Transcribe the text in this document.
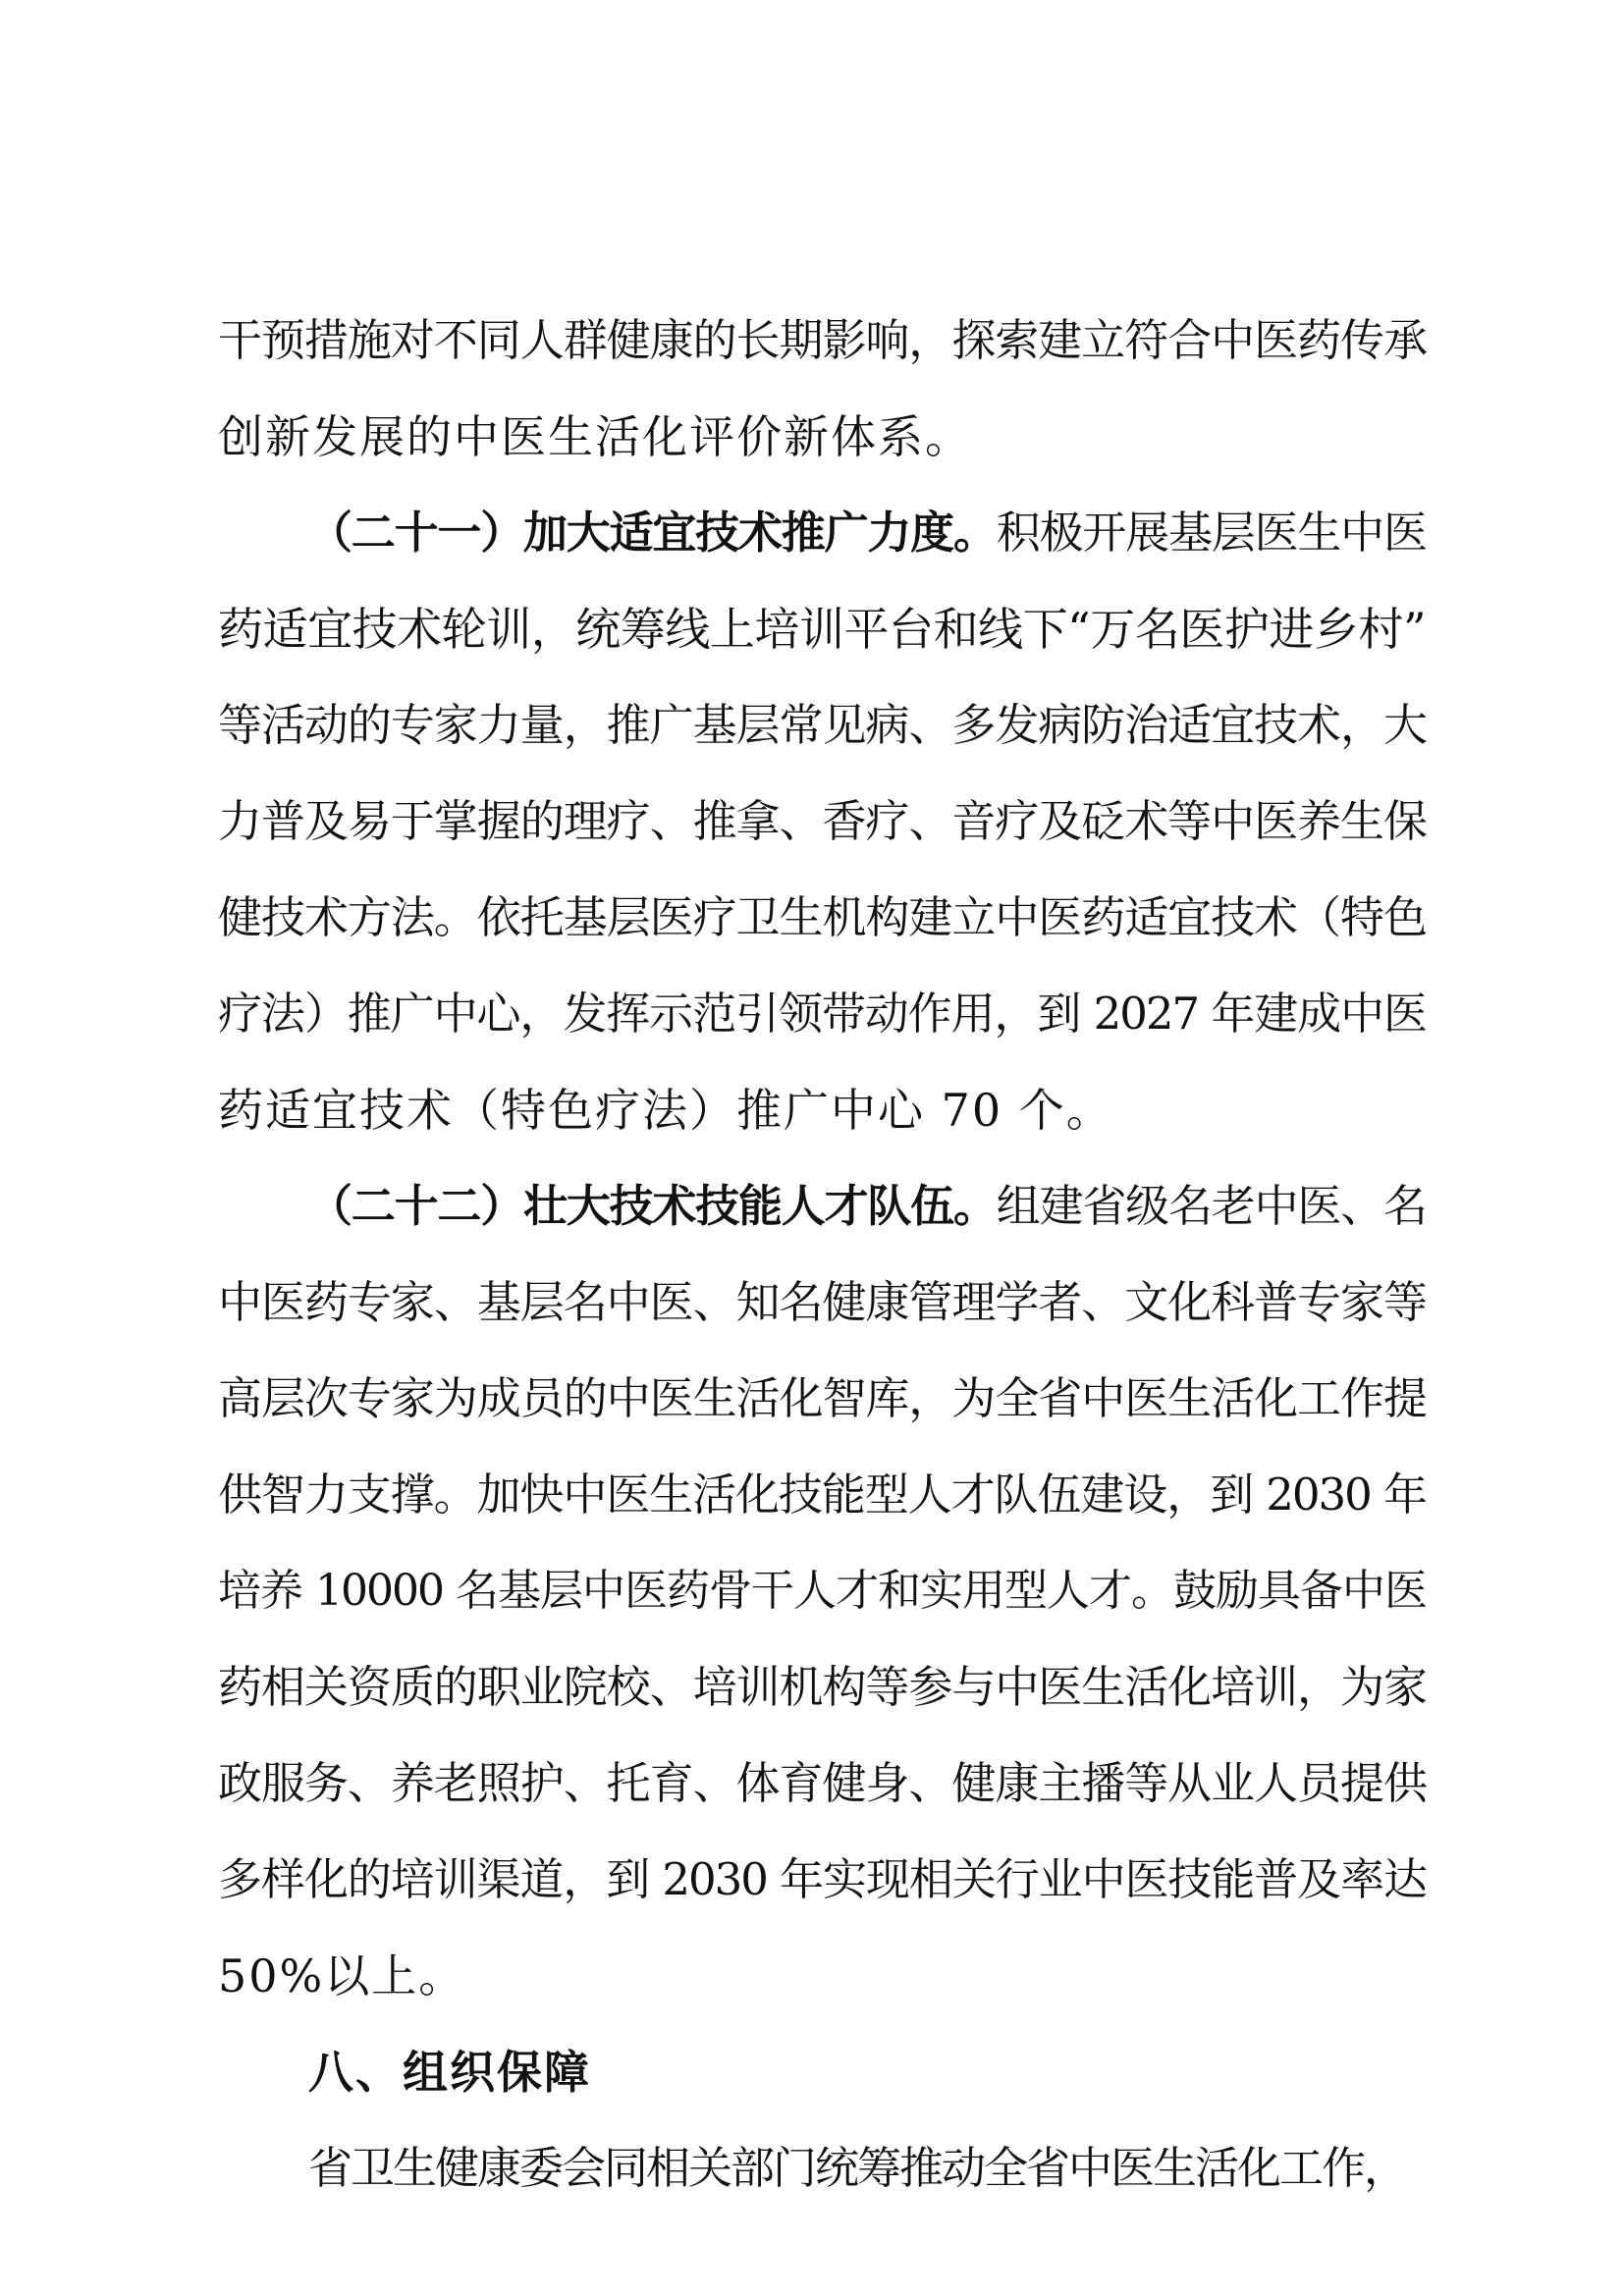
干预措施对不同人群健康的长期影响，探索建立符合中医药传承
创新发展的中医生活化评价新体系。
（二十一）加大适宜技术推广力度。积极开展基层医生中医
药适宜技术轮训，统筹线上培训平台和线下“万名医护进乡村”
等活动的专家力量，推广基层常见病、多发病防治适宜技术，大
力普及易于掌握的理疗、推拿、香疗、音疗及砭术等中医养生保
健技术方法。依托基层医疗卫生机构建立中医药适宜技术（特色
疗法）推广中心，发挥示范引领带动作用，到 2027 年建成中医
药适宜技术（特色疗法）推广中心 70 个。
（二十二）壮大技术技能人才队伍。组建省级名老中医、名
中医药专家、基层名中医、知名健康管理学者、文化科普专家等
高层次专家为成员的中医生活化智库，为全省中医生活化工作提
供智力支撑。加快中医生活化技能型人才队伍建设，到 2030 年
培养 10000 名基层中医药骨干人才和实用型人才。鼓励具备中医
药相关资质的职业院校、培训机构等参与中医生活化培训，为家
政服务、养老照护、托育、体育健身、健康主播等从业人员提供
多样化的培训渠道，到 2030 年实现相关行业中医技能普及率达
50%以上。
八、组织保障
省卫生健康委会同相关部门统筹推动全省中医生活化工作，
